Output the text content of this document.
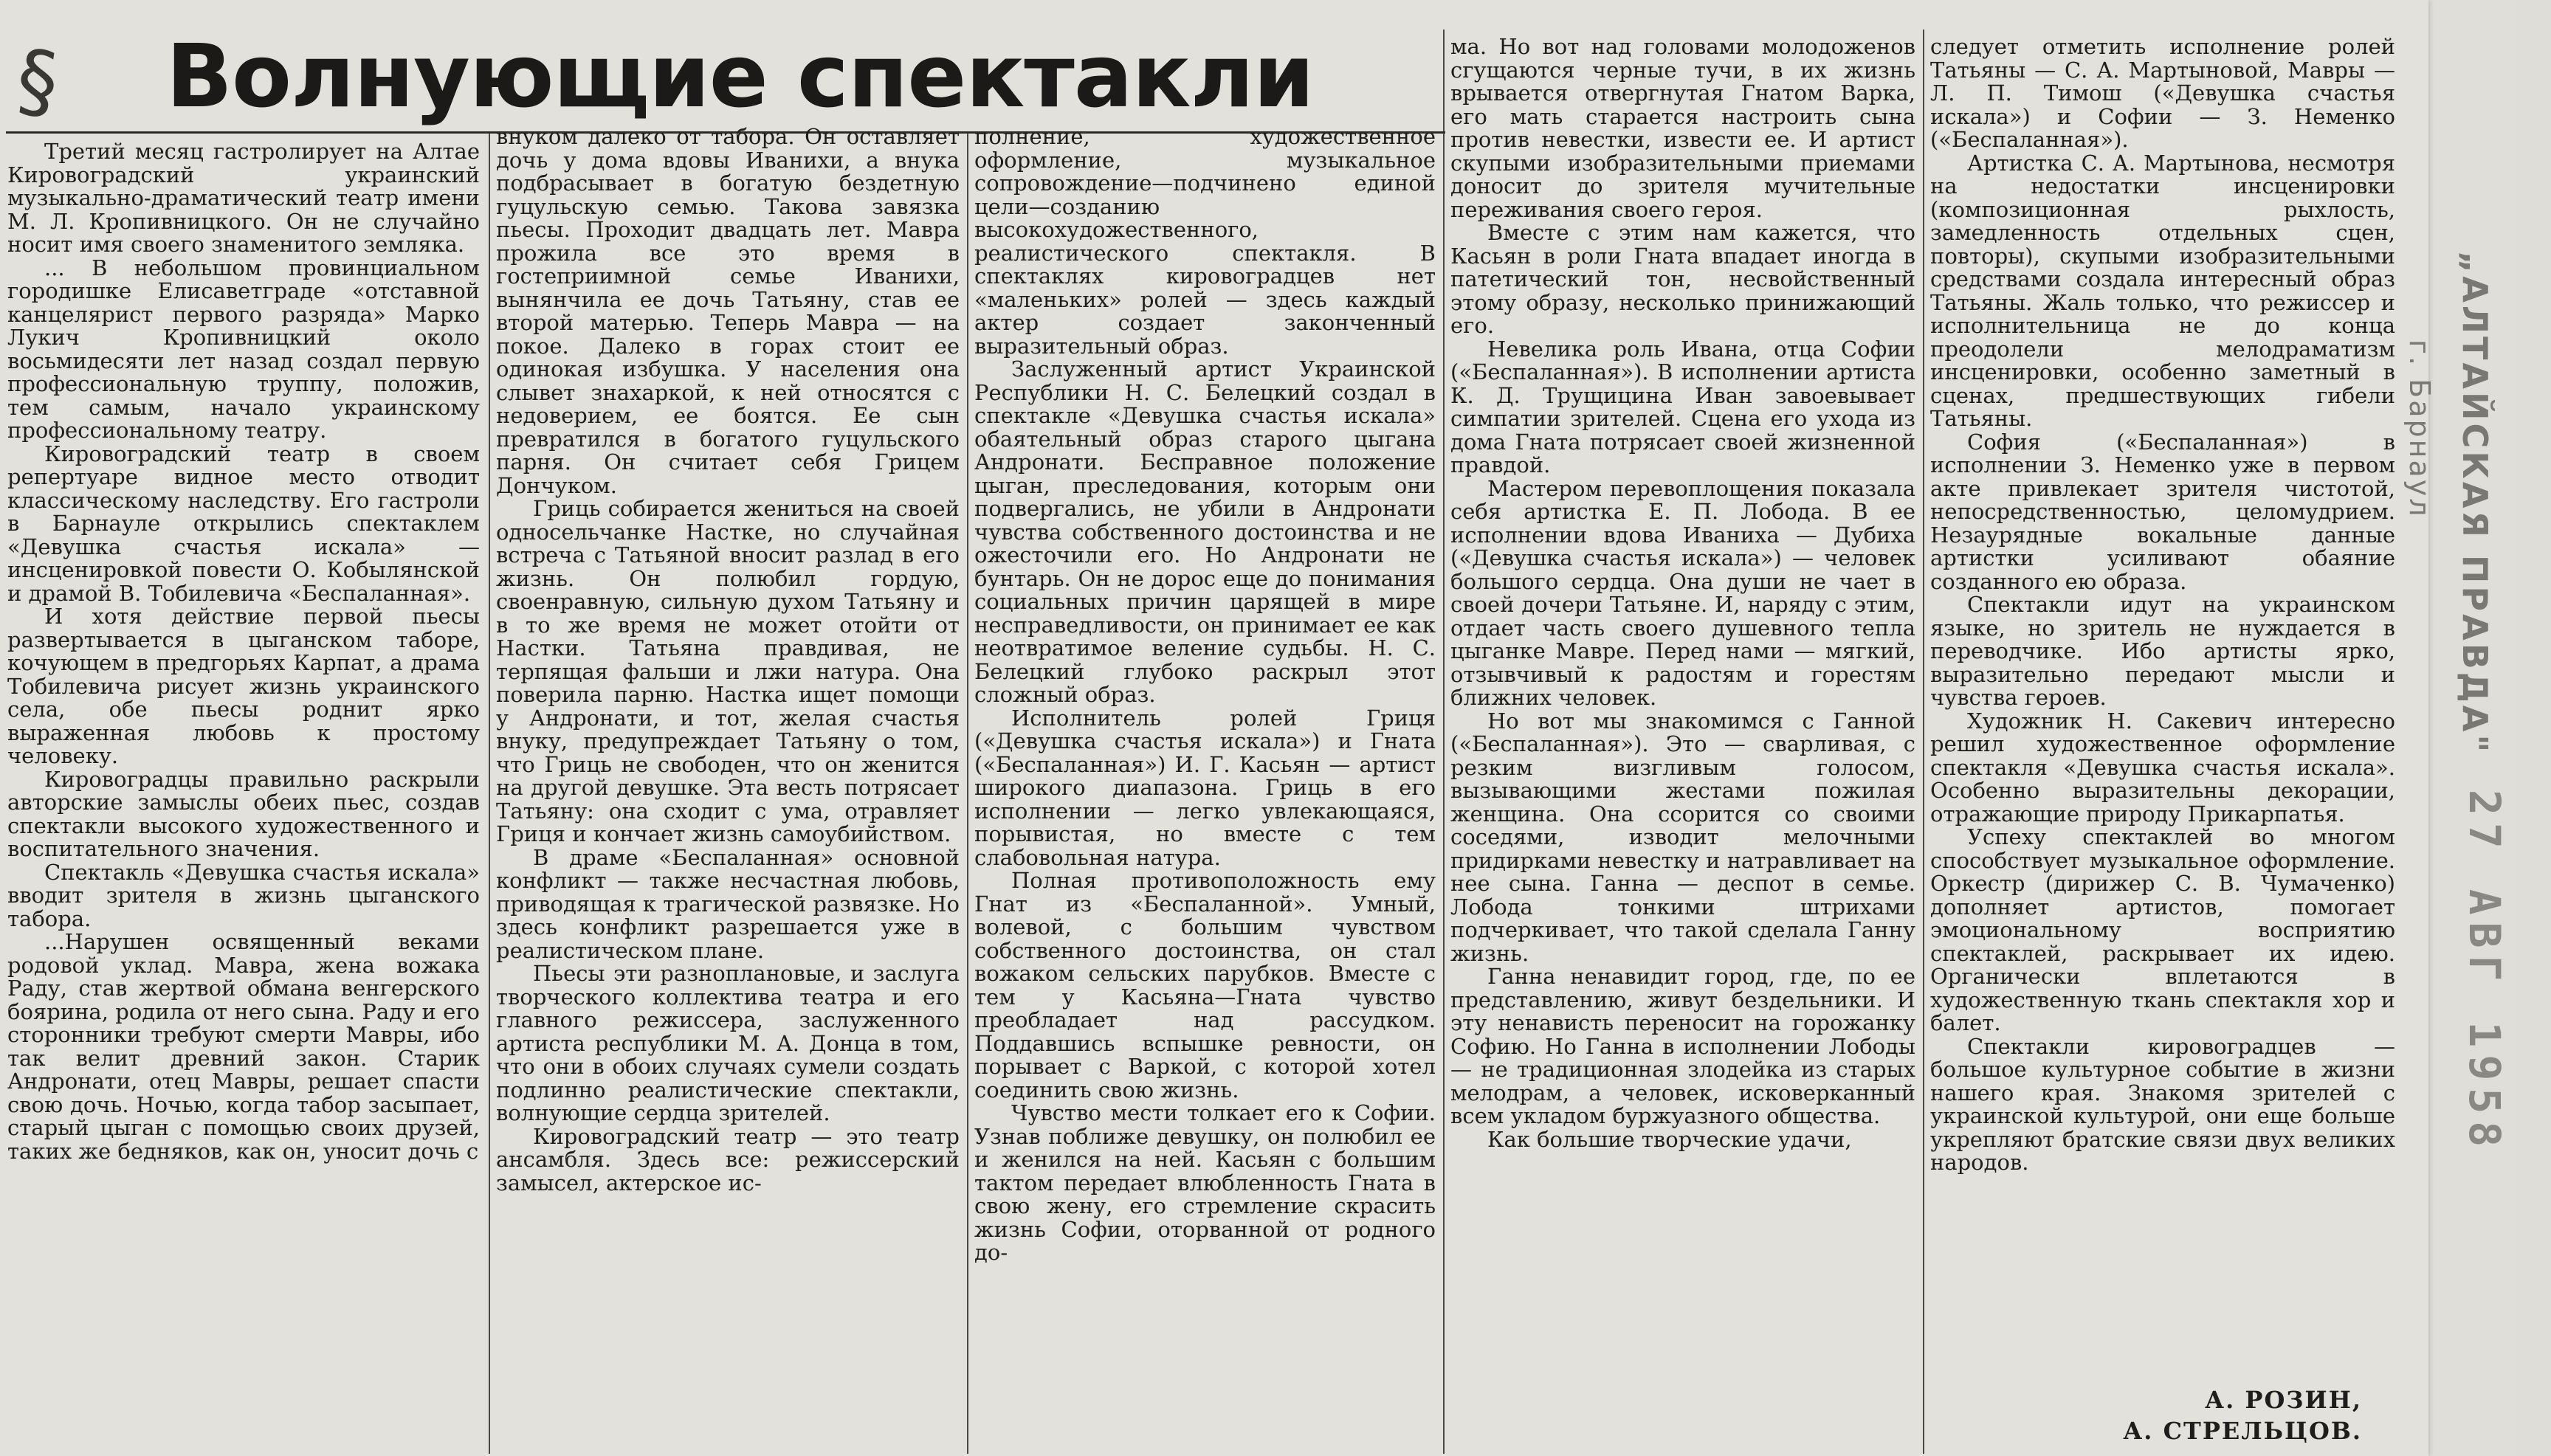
§ Волнующие спектакли

Третий месяц гастролирует на Алтае Кировоградский украинский музыкально-драматический театр имени М. Л. Кропивницкого. Он не случайно носит имя своего знаменитого земляка.

... В небольшом провинциальном городишке Елисаветграде «отставной канцелярист первого разряда» Марко Лукич Кропивницкий около восьмидесяти лет назад создал первую профессиональную труппу, положив, тем самым, начало украинскому профессиональному театру.

Кировоградский театр в своем репертуаре видное место отводит классическому наследству. Его гастроли в Барнауле открылись спектаклем «Девушка счастья искала» — инсценировкой повести О. Кобылянской и драмой В. Тобилевича «Беспаланная».

И хотя действие первой пьесы развертывается в цыганском таборе, кочующем в предгорьях Карпат, а драма Тобилевича рисует жизнь украинского села, обе пьесы роднит ярко выраженная любовь к простому человеку.

Кировоградцы правильно раскрыли авторские замыслы обеих пьес, создав спектакли высокого художественного и воспитательного значения.

Спектакль «Девушка счастья искала» вводит зрителя в жизнь цыганского табора.

...Нарушен освященный веками родовой уклад. Мавра, жена вожака Раду, став жертвой обмана венгерского боярина, родила от него сына. Раду и его сторонники требуют смерти Мавры, ибо так велит древний закон. Старик Андронати, отец Мавры, решает спасти свою дочь. Ночью, когда табор засыпает, старый цыган с помощью своих друзей, таких же бедняков, как он, уносит дочь с

внуком далеко от табора. Он оставляет дочь у дома вдовы Иванихи, а внука подбрасывает в богатую бездетную гуцульскую семью. Такова завязка пьесы. Проходит двадцать лет. Мавра прожила все это время в гостеприимной семье Иванихи, вынянчила ее дочь Татьяну, став ее второй матерью. Теперь Мавра — на покое. Далеко в горах стоит ее одинокая избушка. У населения она слывет знахаркой, к ней относятся с недоверием, ее боятся. Ее сын превратился в богатого гуцульского парня. Он считает себя Грицем Дончуком.

Гриць собирается жениться на своей односельчанке Настке, но случайная встреча с Татьяной вносит разлад в его жизнь. Он полюбил гордую, своенравную, сильную духом Татьяну и в то же время не может отойти от Настки. Татьяна правдивая, не терпящая фальши и лжи натура. Она поверила парню. Настка ищет помощи у Андронати, и тот, желая счастья внуку, предупреждает Татьяну о том, что Гриць не свободен, что он женится на другой девушке. Эта весть потрясает Татьяну: она сходит с ума, отравляет Гриця и кончает жизнь самоубийством.

В драме «Беспаланная» основной конфликт — также несчастная любовь, приводящая к трагической развязке. Но здесь конфликт разрешается уже в реалистическом плане.

Пьесы эти разноплановые, и заслуга творческого коллектива театра и его главного режиссера, заслуженного артиста республики М. А. Донца в том, что они в обоих случаях сумели создать подлинно реалистические спектакли, волнующие сердца зрителей.

Кировоградский театр — это театр ансамбля. Здесь все: режиссерский замысел, актерское ис-

полнение, художественное оформление, музыкальное сопровождение—подчинено единой цели—созданию высокохудожественного, реалистического спектакля. В спектаклях кировоградцев нет «маленьких» ролей — здесь каждый актер создает законченный выразительный образ.

Заслуженный артист Украинской Республики Н. С. Белецкий создал в спектакле «Девушка счастья искала» обаятельный образ старого цыгана Андронати. Бесправное положение цыган, преследования, которым они подвергались, не убили в Андронати чувства собственного достоинства и не ожесточили его. Но Андронати не бунтарь. Он не дорос еще до понимания социальных причин царящей в мире несправедливости, он принимает ее как неотвратимое веление судьбы. Н. С. Белецкий глубоко раскрыл этот сложный образ.

Исполнитель ролей Гриця («Девушка счастья искала») и Гната («Беспаланная») И. Г. Касьян — артист широкого диапазона. Гриць в его исполнении — легко увлекающаяся, порывистая, но вместе с тем слабовольная натура.

Полная противоположность ему Гнат из «Беспаланной». Умный, волевой, с большим чувством собственного достоинства, он стал вожаком сельских парубков. Вместе с тем у Касьяна—Гната чувство преобладает над рассудком. Поддавшись вспышке ревности, он порывает с Варкой, с которой хотел соединить свою жизнь.

Чувство мести толкает его к Софии. Узнав поближе девушку, он полюбил ее и женился на ней. Касьян с большим тактом передает влюбленность Гната в свою жену, его стремление скрасить жизнь Софии, оторванной от родного до-

ма. Но вот над головами молодоженов сгущаются черные тучи, в их жизнь врывается отвергнутая Гнатом Варка, его мать старается настроить сына против невестки, извести ее. И артист скупыми изобразительными приемами доносит до зрителя мучительные переживания своего героя.

Вместе с этим нам кажется, что Касьян в роли Гната впадает иногда в патетический тон, несвойственный этому образу, несколько принижающий его.

Невелика роль Ивана, отца Софии («Беспаланная»). В исполнении артиста К. Д. Трущицина Иван завоевывает симпатии зрителей. Сцена его ухода из дома Гната потрясает своей жизненной правдой.

Мастером перевоплощения показала себя артистка Е. П. Лобода. В ее исполнении вдова Иваниха — Дубиха («Девушка счастья искала») — человек большого сердца. Она души не чает в своей дочери Татьяне. И, наряду с этим, отдает часть своего душевного тепла цыганке Мавре. Перед нами — мягкий, отзывчивый к радостям и горестям ближних человек.

Но вот мы знакомимся с Ганной («Беспаланная»). Это — сварливая, с резким визгливым голосом, вызывающими жестами пожилая женщина. Она ссорится со своими соседями, изводит мелочными придирками невестку и натравливает на нее сына. Ганна — деспот в семье. Лобода тонкими штрихами подчеркивает, что такой сделала Ганну жизнь.

Ганна ненавидит город, где, по ее представлению, живут бездельники. И эту ненависть переносит на горожанку Софию. Но Ганна в исполнении Лободы — не традиционная злодейка из старых мелодрам, а человек, исковерканный всем укладом буржуазного общества.

Как большие творческие удачи,

следует отметить исполнение ролей Татьяны — С. А. Мартыновой, Мавры — Л. П. Тимош («Девушка счастья искала») и Софии — З. Неменко («Беспаланная»).

Артистка С. А. Мартынова, несмотря на недостатки инсценировки (композиционная рыхлость, замедленность отдельных сцен, повторы), скупыми изобразительными средствами создала интересный образ Татьяны. Жаль только, что режиссер и исполнительница не до конца преодолели мелодраматизм инсценировки, особенно заметный в сценах, предшествующих гибели Татьяны.

София («Беспаланная») в исполнении З. Неменко уже в первом акте привлекает зрителя чистотой, непосредственностью, целомудрием. Незаурядные вокальные данные артистки усиливают обаяние созданного ею образа.

Спектакли идут на украинском языке, но зритель не нуждается в переводчике. Ибо артисты ярко, выразительно передают мысли и чувства героев.

Художник Н. Сакевич интересно решил художественное оформление спектакля «Девушка счастья искала». Особенно выразительны декорации, отражающие природу Прикарпатья.

Успеху спектаклей во многом способствует музыкальное оформление. Оркестр (дирижер С. В. Чумаченко) дополняет артистов, помогает эмоциональному восприятию спектаклей, раскрывает их идею. Органически вплетаются в художественную ткань спектакля хор и балет.

Спектакли кировоградцев — большое культурное событие в жизни нашего края. Знакомя зрителей с украинской культурой, они еще больше укрепляют братские связи двух великих народов.

А. РОЗИН,
А. СТРЕЛЬЦОВ.
„АЛТАЙСКАЯ ПРАВДА"
г. Барнаул
27 АВГ 1958
